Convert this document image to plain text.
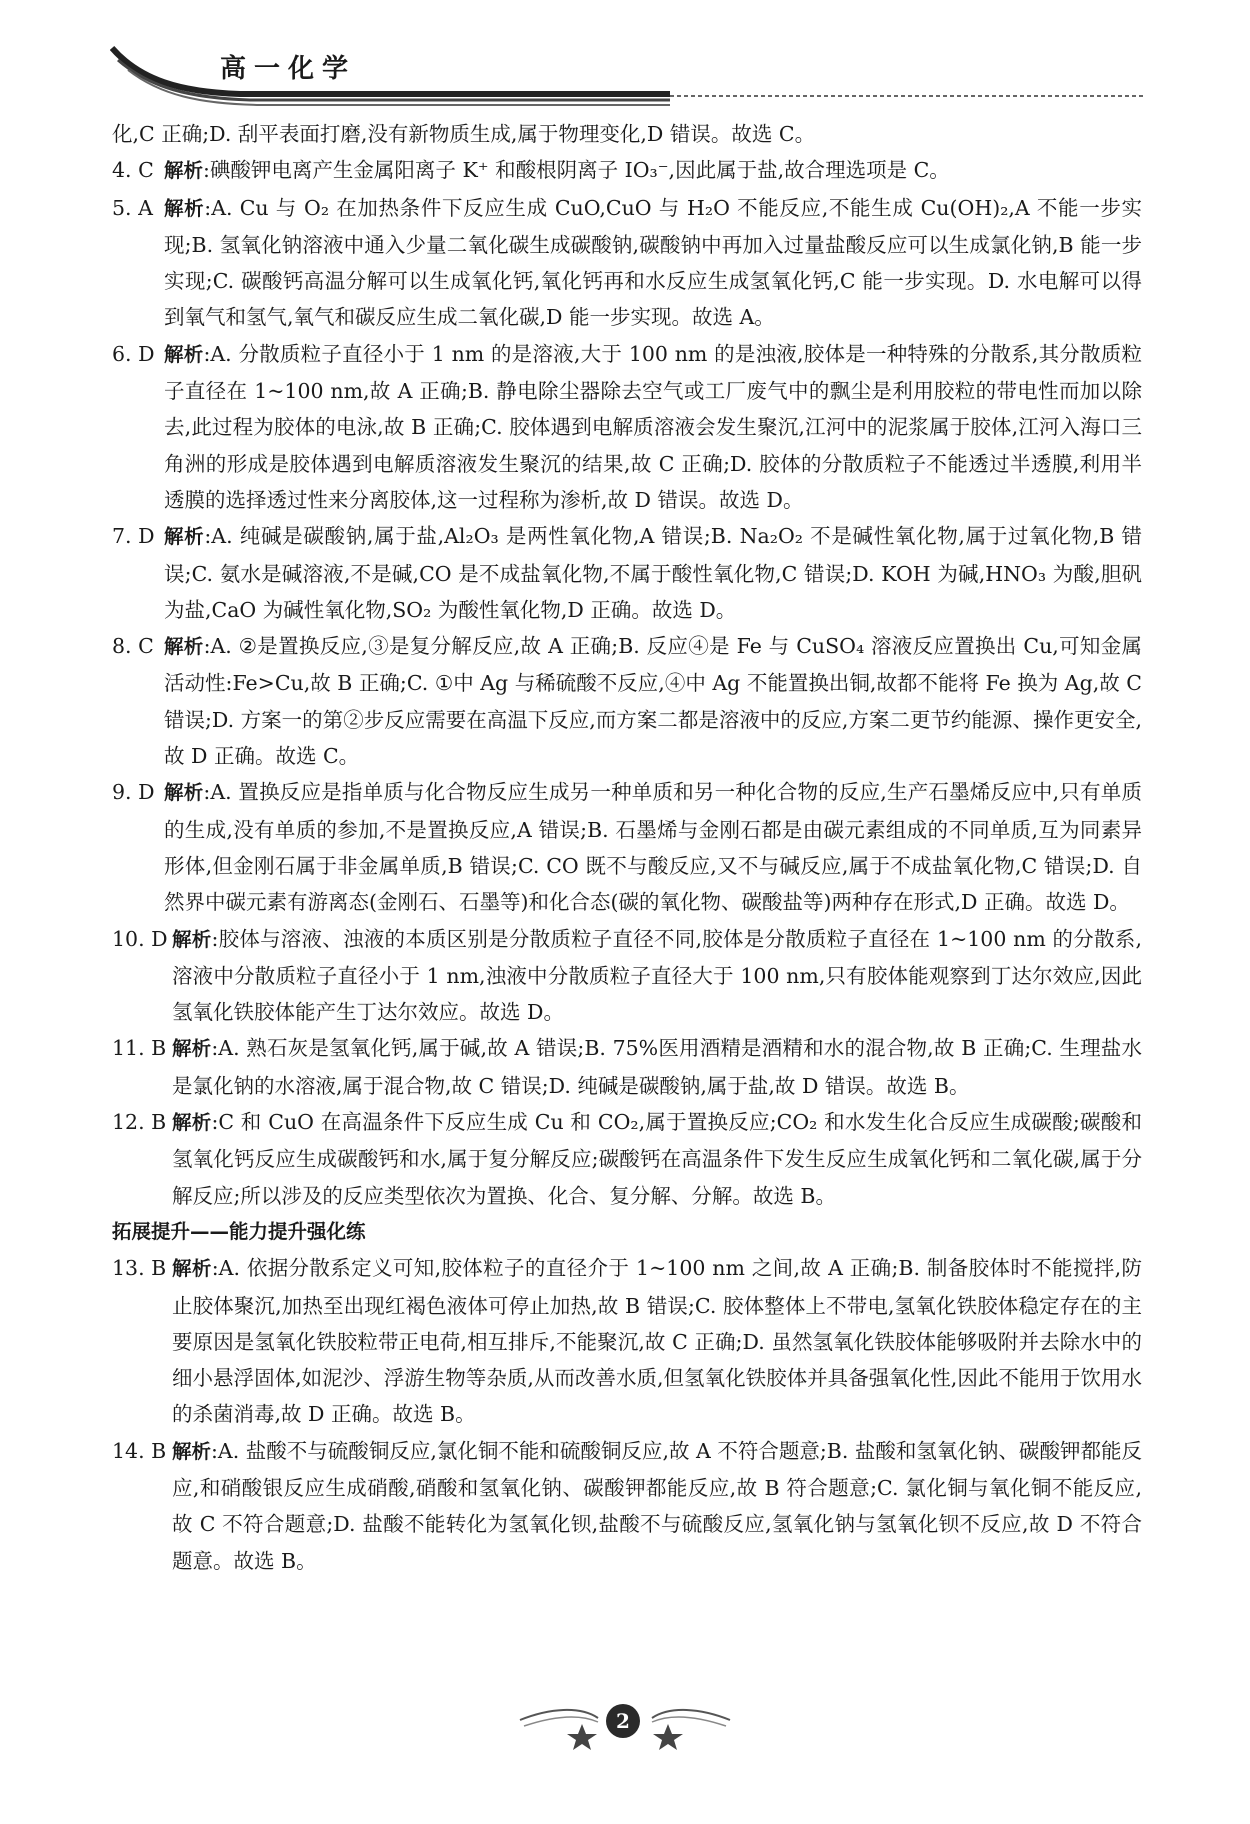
高一化学

化,C 正确;D. 刮平表面打磨,没有新物质生成,属于物理变化,D 错误。故选 C。

4. C 解析:碘酸钾电离产生金属阳离子 K⁺ 和酸根阴离子 IO₃⁻,因此属于盐,故合理选项是 C。
5. A 解析:A. Cu 与 O₂ 在加热条件下反应生成 CuO,CuO 与 H₂O 不能反应,不能生成 Cu(OH)₂,A 不能一步实现;B. 氢氧化钠溶液中通入少量二氧化碳生成碳酸钠,碳酸钠中再加入过量盐酸反应可以生成氯化钠,B 能一步实现;C. 碳酸钙高温分解可以生成氧化钙,氧化钙再和水反应生成氢氧化钙,C 能一步实现。D. 水电解可以得到氧气和氢气,氧气和碳反应生成二氧化碳,D 能一步实现。故选 A。
6. D 解析:A. 分散质粒子直径小于 1 nm 的是溶液,大于 100 nm 的是浊液,胶体是一种特殊的分散系,其分散质粒子直径在 1~100 nm,故 A 正确;B. 静电除尘器除去空气或工厂废气中的飘尘是利用胶粒的带电性而加以除去,此过程为胶体的电泳,故 B 正确;C. 胶体遇到电解质溶液会发生聚沉,江河中的泥浆属于胶体,江河入海口三角洲的形成是胶体遇到电解质溶液发生聚沉的结果,故 C 正确;D. 胶体的分散质粒子不能透过半透膜,利用半透膜的选择透过性来分离胶体,这一过程称为渗析,故 D 错误。故选 D。
7. D 解析:A. 纯碱是碳酸钠,属于盐,Al₂O₃ 是两性氧化物,A 错误;B. Na₂O₂ 不是碱性氧化物,属于过氧化物,B 错误;C. 氨水是碱溶液,不是碱,CO 是不成盐氧化物,不属于酸性氧化物,C 错误;D. KOH 为碱,HNO₃ 为酸,胆矾为盐,CaO 为碱性氧化物,SO₂ 为酸性氧化物,D 正确。故选 D。
8. C 解析:A. ②是置换反应,③是复分解反应,故 A 正确;B. 反应④是 Fe 与 CuSO₄ 溶液反应置换出 Cu,可知金属活动性:Fe>Cu,故 B 正确;C. ①中 Ag 与稀硫酸不反应,④中 Ag 不能置换出铜,故都不能将 Fe 换为 Ag,故 C 错误;D. 方案一的第②步反应需要在高温下反应,而方案二都是溶液中的反应,方案二更节约能源、操作更安全,故 D 正确。故选 C。
9. D 解析:A. 置换反应是指单质与化合物反应生成另一种单质和另一种化合物的反应,生产石墨烯反应中,只有单质的生成,没有单质的参加,不是置换反应,A 错误;B. 石墨烯与金刚石都是由碳元素组成的不同单质,互为同素异形体,但金刚石属于非金属单质,B 错误;C. CO 既不与酸反应,又不与碱反应,属于不成盐氧化物,C 错误;D. 自然界中碳元素有游离态(金刚石、石墨等)和化合态(碳的氧化物、碳酸盐等)两种存在形式,D 正确。故选 D。
10. D 解析:胶体与溶液、浊液的本质区别是分散质粒子直径不同,胶体是分散质粒子直径在 1~100 nm 的分散系,溶液中分散质粒子直径小于 1 nm,浊液中分散质粒子直径大于 100 nm,只有胶体能观察到丁达尔效应,因此氢氧化铁胶体能产生丁达尔效应。故选 D。
11. B 解析:A. 熟石灰是氢氧化钙,属于碱,故 A 错误;B. 75%医用酒精是酒精和水的混合物,故 B 正确;C. 生理盐水是氯化钠的水溶液,属于混合物,故 C 错误;D. 纯碱是碳酸钠,属于盐,故 D 错误。故选 B。
12. B 解析:C 和 CuO 在高温条件下反应生成 Cu 和 CO₂,属于置换反应;CO₂ 和水发生化合反应生成碳酸;碳酸和氢氧化钙反应生成碳酸钙和水,属于复分解反应;碳酸钙在高温条件下发生反应生成氧化钙和二氧化碳,属于分解反应;所以涉及的反应类型依次为置换、化合、复分解、分解。故选 B。

拓展提升——能力提升强化练

13. B 解析:A. 依据分散系定义可知,胶体粒子的直径介于 1~100 nm 之间,故 A 正确;B. 制备胶体时不能搅拌,防止胶体聚沉,加热至出现红褐色液体可停止加热,故 B 错误;C. 胶体整体上不带电,氢氧化铁胶体稳定存在的主要原因是氢氧化铁胶粒带正电荷,相互排斥,不能聚沉,故 C 正确;D. 虽然氢氧化铁胶体能够吸附并去除水中的细小悬浮固体,如泥沙、浮游生物等杂质,从而改善水质,但氢氧化铁胶体并具备强氧化性,因此不能用于饮用水的杀菌消毒,故 D 正确。故选 B。
14. B 解析:A. 盐酸不与硫酸铜反应,氯化铜不能和硫酸铜反应,故 A 不符合题意;B. 盐酸和氢氧化钠、碳酸钾都能反应,和硝酸银反应生成硝酸,硝酸和氢氧化钠、碳酸钾都能反应,故 B 符合题意;C. 氯化铜与氧化铜不能反应,故 C 不符合题意;D. 盐酸不能转化为氢氧化钡,盐酸不与硫酸反应,氢氧化钠与氢氧化钡不反应,故 D 不符合题意。故选 B。
2
